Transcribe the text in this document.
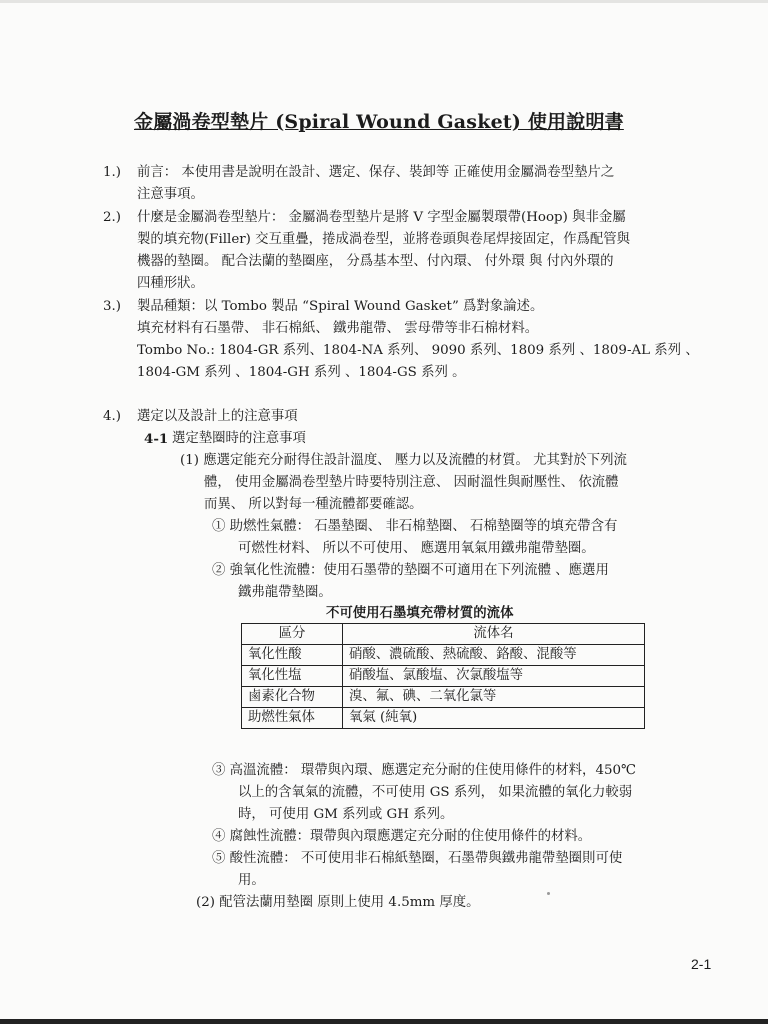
金屬渦卷型墊片 (Spiral Wound Gasket) 使用說明書
1.) 前言： 本使用書是說明在設計、選定、保存、裝卸等 正確使用金屬渦卷型墊片之
注意事項。
2.) 什麼是金屬渦卷型墊片： 金屬渦卷型墊片是將 V 字型金屬製環帶(Hoop) 與非金屬
製的填充物(Filler) 交互重疊，捲成渦卷型，並將卷頭與卷尾焊接固定，作爲配管與
機器的墊圈。 配合法蘭的墊圈座， 分爲基本型、付內環、 付外環 與 付內外環的
四種形狀。
3.) 製品種類：以 Tombo 製品 “Spiral Wound Gasket” 爲對象論述。
填充材料有石墨帶、 非石棉紙、 鐵弗龍帶、 雲母帶等非石棉材料。
Tombo No.: 1804-GR 系列、1804-NA 系列、 9090 系列、1809 系列 、1809-AL 系列 、
1804-GM 系列 、1804-GH 系列 、1804-GS 系列 。
4.) 選定以及設計上的注意事項
4-1 選定墊圈時的注意事項
(1) 應選定能充分耐得住設計溫度、 壓力以及流體的材質。 尤其對於下列流
體， 使用金屬渦卷型墊片時要特別注意、 因耐溫性與耐壓性、 依流體
而異、 所以對每一種流體都要確認。
① 助燃性氣體： 石墨墊圈、 非石棉墊圈、 石棉墊圈等的填充帶含有
可燃性材料、 所以不可使用、 應選用氧氣用鐵弗龍帶墊圈。
② 強氧化性流體：使用石墨帶的墊圈不可適用在下列流體 、應選用
鐵弗龍帶墊圈。
不可使用石墨填充帶材質的流体
區分	流体名
氧化性酸	硝酸、濃硫酸、熱硫酸、鉻酸、混酸等
氧化性塩	硝酸塩、氯酸塩、次氯酸塩等
鹵素化合物	溴、氟、碘、二氧化氯等
助燃性氣体	氧氣 (純氧)
③ 高溫流體： 環帶與內環、應選定充分耐的住使用條件的材料，450℃
以上的含氧氣的流體，不可使用 GS 系列， 如果流體的氧化力較弱
時， 可使用 GM 系列或 GH 系列。
④ 腐蝕性流體：環帶與內環應選定充分耐的住使用條件的材料。
⑤ 酸性流體： 不可使用非石棉紙墊圈，石墨帶與鐵弗龍帶墊圈則可使
用。
(2) 配管法蘭用墊圈 原則上使用 4.5mm 厚度。
2-1
